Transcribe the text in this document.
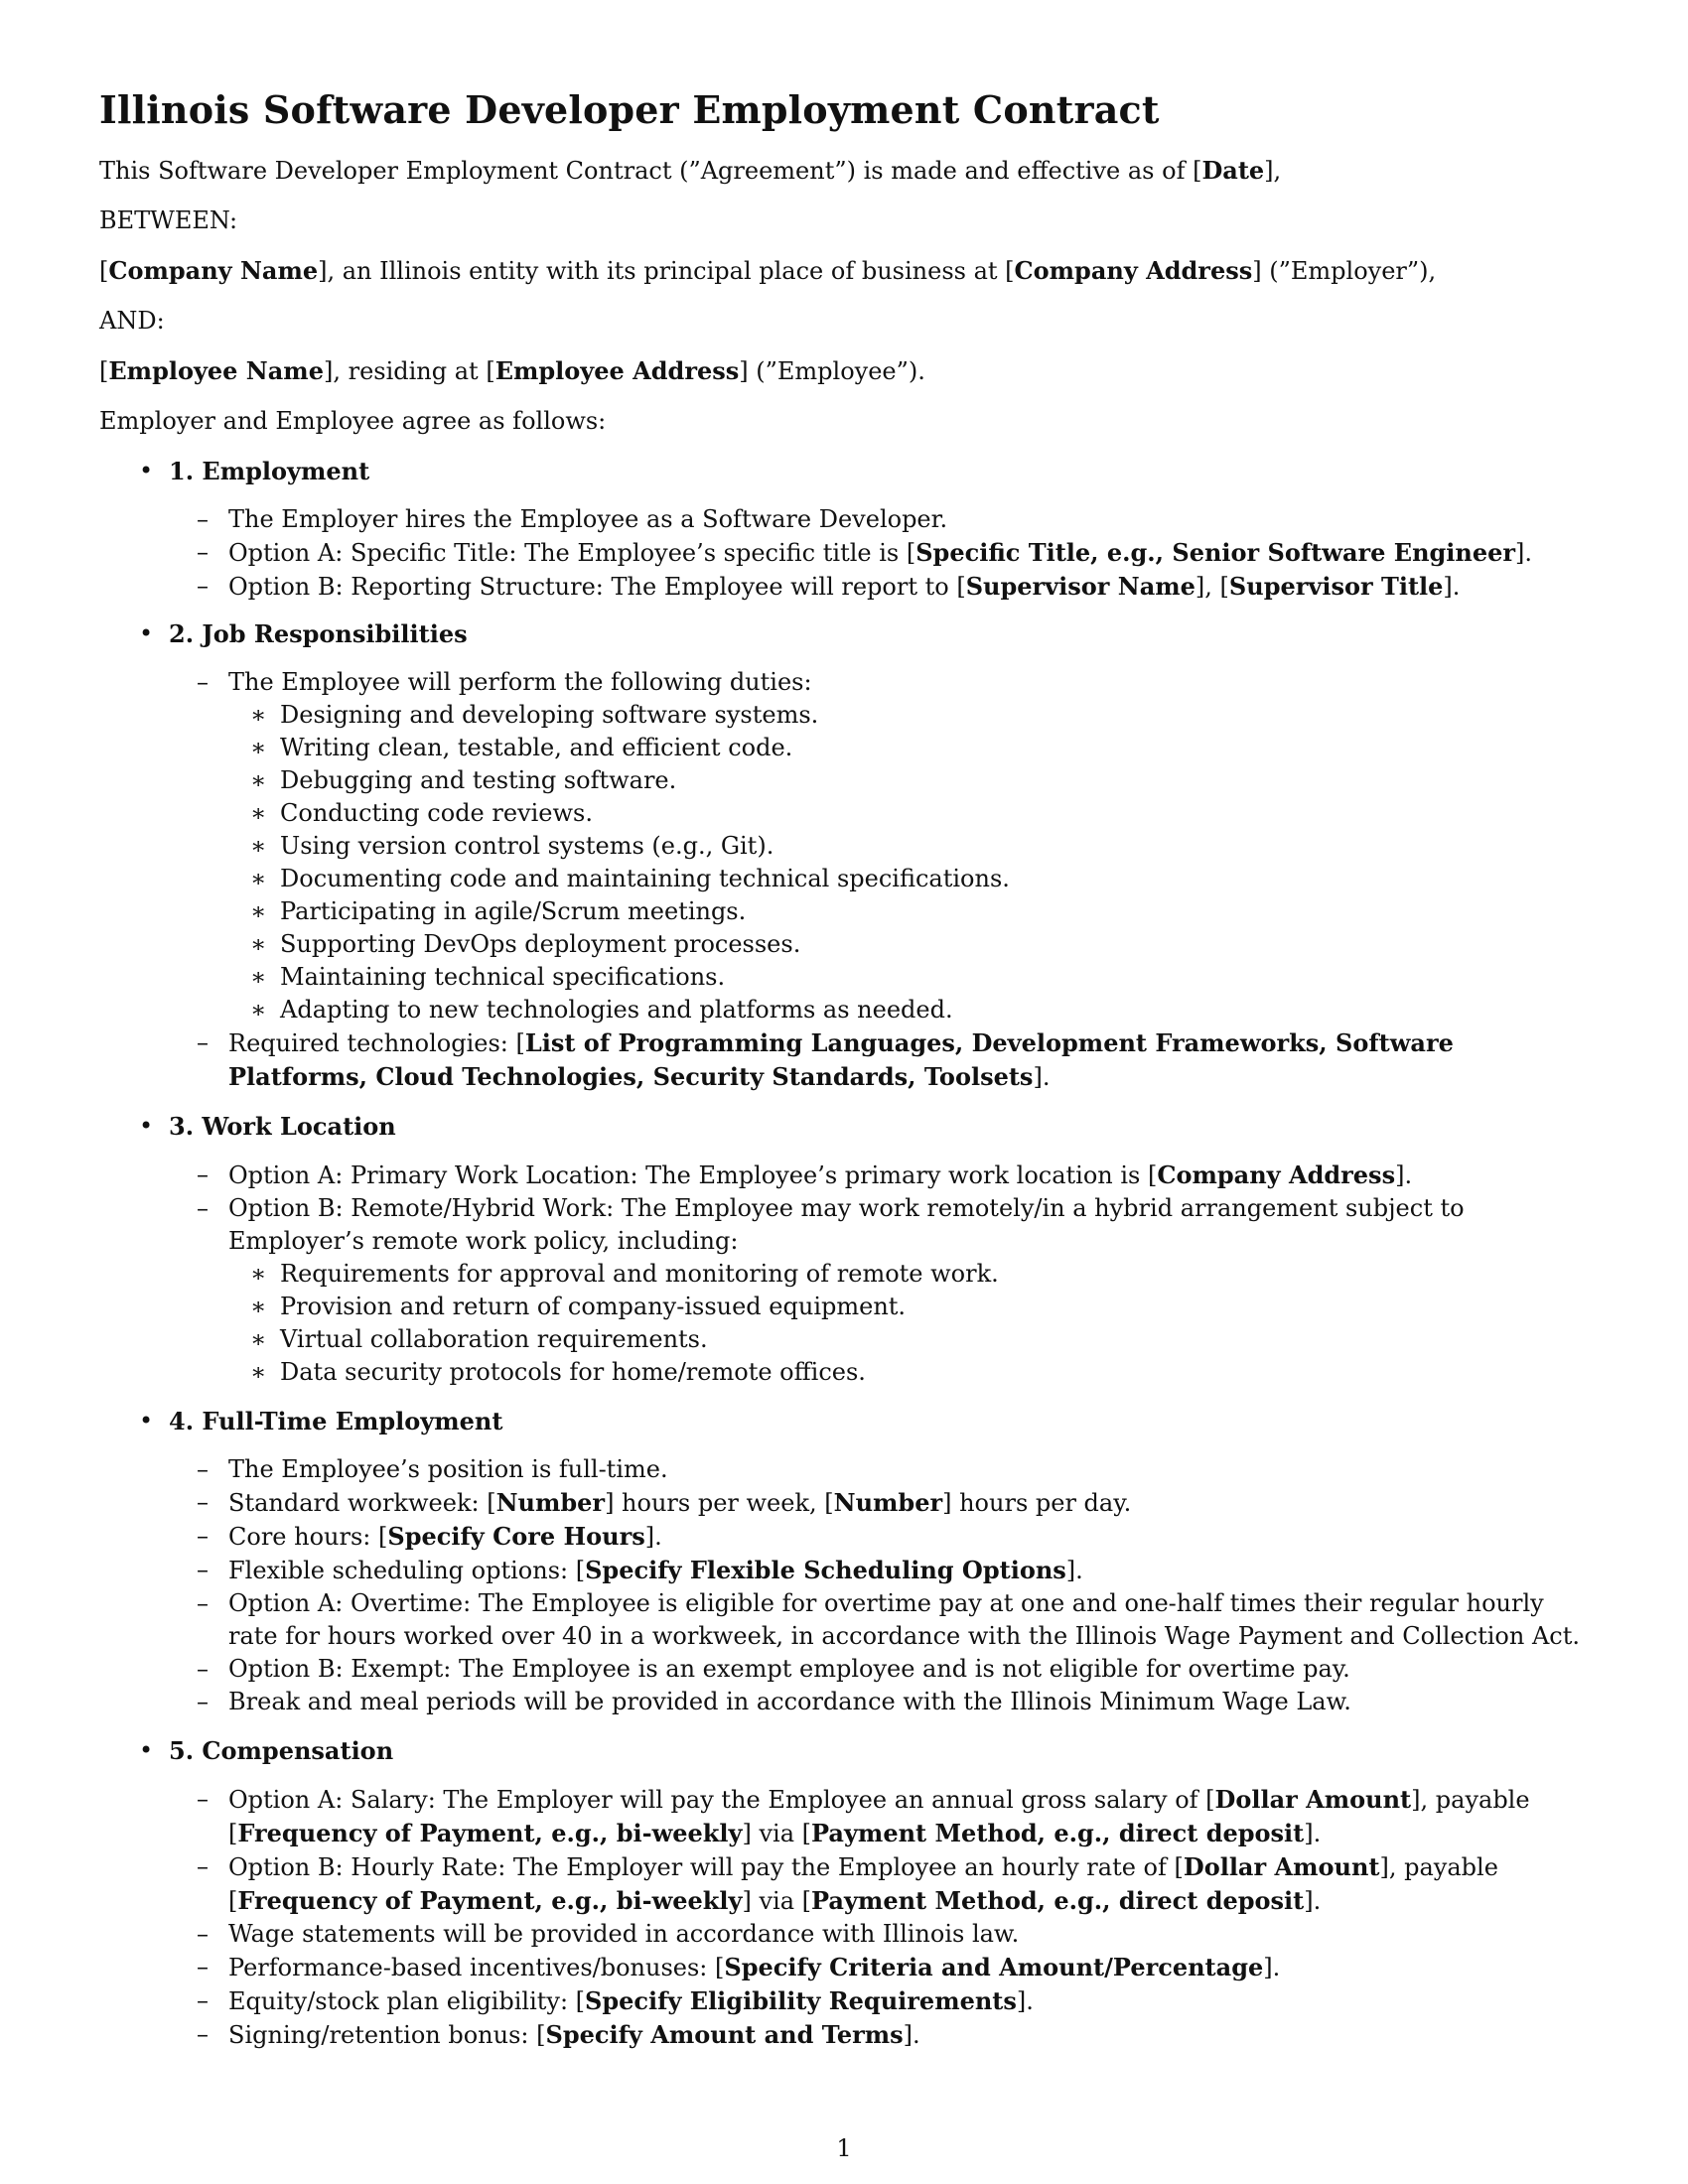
Illinois Software Developer Employment Contract
This Software Developer Employment Contract (”Agreement”) is made and effective as of [Date],
BETWEEN:
[Company Name], an Illinois entity with its principal place of business at [Company Address] (”Employer”),
AND:
[Employee Name], residing at [Employee Address] (”Employee”).
Employer and Employee agree as follows:
• 1. Employment
– The Employer hires the Employee as a Software Developer.
– Option A: Specific Title: The Employee’s specific title is [Specific Title, e.g., Senior Software Engineer].
– Option B: Reporting Structure: The Employee will report to [Supervisor Name], [Supervisor Title].
• 2. Job Responsibilities
– The Employee will perform the following duties:
∗ Designing and developing software systems.
∗ Writing clean, testable, and efficient code.
∗ Debugging and testing software.
∗ Conducting code reviews.
∗ Using version control systems (e.g., Git).
∗ Documenting code and maintaining technical specifications.
∗ Participating in agile/Scrum meetings.
∗ Supporting DevOps deployment processes.
∗ Maintaining technical specifications.
∗ Adapting to new technologies and platforms as needed.
– Required technologies: [List of Programming Languages, Development Frameworks, Software Platforms, Cloud Technologies, Security Standards, Toolsets].
• 3. Work Location
– Option A: Primary Work Location: The Employee’s primary work location is [Company Address].
– Option B: Remote/Hybrid Work: The Employee may work remotely/in a hybrid arrangement subject to Employer’s remote work policy, including:
∗ Requirements for approval and monitoring of remote work.
∗ Provision and return of company-issued equipment.
∗ Virtual collaboration requirements.
∗ Data security protocols for home/remote offices.
• 4. Full-Time Employment
– The Employee’s position is full-time.
– Standard workweek: [Number] hours per week, [Number] hours per day.
– Core hours: [Specify Core Hours].
– Flexible scheduling options: [Specify Flexible Scheduling Options].
– Option A: Overtime: The Employee is eligible for overtime pay at one and one-half times their regular hourly rate for hours worked over 40 in a workweek, in accordance with the Illinois Wage Payment and Collection Act.
– Option B: Exempt: The Employee is an exempt employee and is not eligible for overtime pay.
– Break and meal periods will be provided in accordance with the Illinois Minimum Wage Law.
• 5. Compensation
– Option A: Salary: The Employer will pay the Employee an annual gross salary of [Dollar Amount], payable [Frequency of Payment, e.g., bi-weekly] via [Payment Method, e.g., direct deposit].
– Option B: Hourly Rate: The Employer will pay the Employee an hourly rate of [Dollar Amount], payable [Frequency of Payment, e.g., bi-weekly] via [Payment Method, e.g., direct deposit].
– Wage statements will be provided in accordance with Illinois law.
– Performance-based incentives/bonuses: [Specify Criteria and Amount/Percentage].
– Equity/stock plan eligibility: [Specify Eligibility Requirements].
– Signing/retention bonus: [Specify Amount and Terms].
1
